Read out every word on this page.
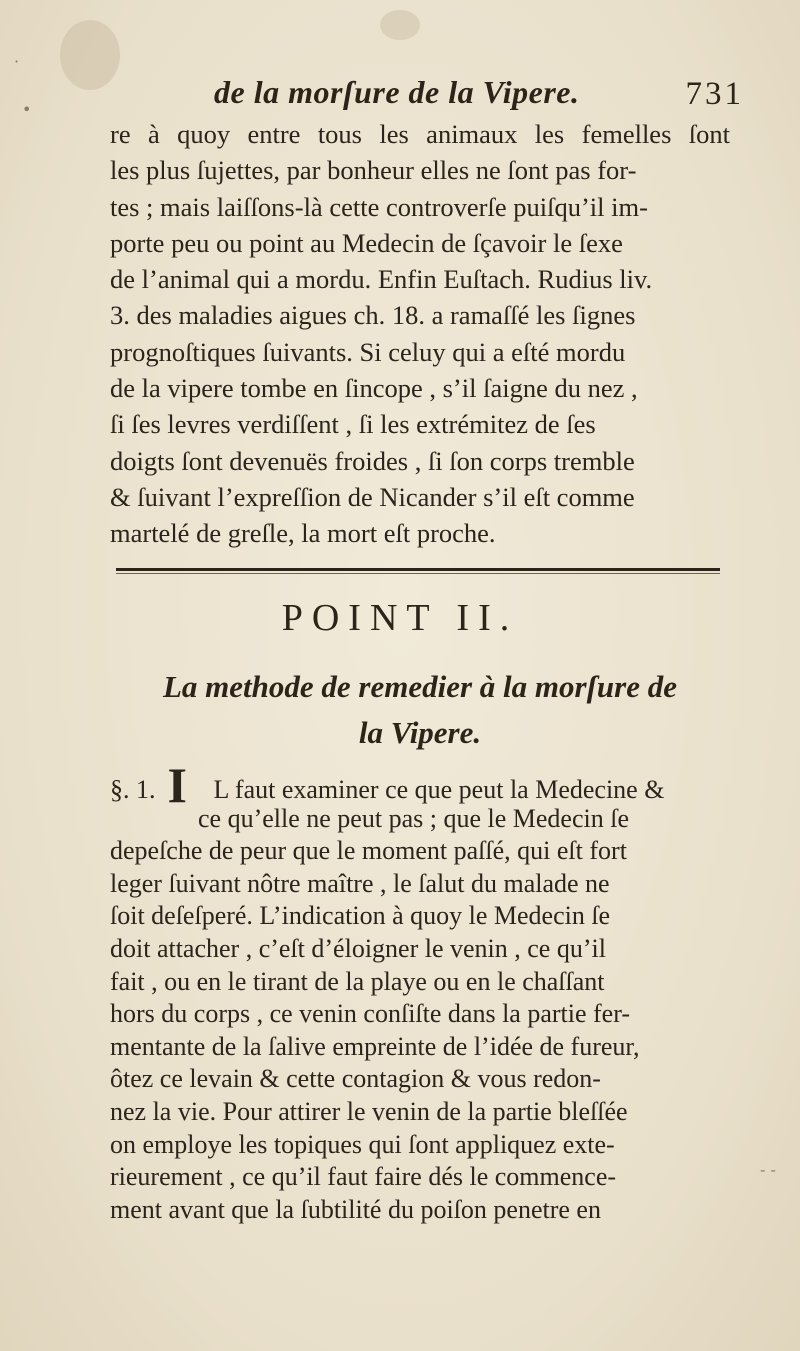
•
·
- -
de la morſure de la Vipere.	731
re à quoy entre tous les animaux les femelles ſont
les plus ſujettes, par bonheur elles ne ſont pas for-
tes ; mais laiſſons-là cette controverſe puiſqu’il im-
porte peu ou point au Medecin de ſçavoir le ſexe
de l’animal qui a mordu. Enfin Euſtach. Rudius liv.
3. des maladies aigues ch. 18. a ramaſſé les ſignes
prognoſtiques ſuivants. Si celuy qui a eſté mordu
de la vipere tombe en ſincope , s’il ſaigne du nez ,
ſi ſes levres verdiſſent , ſi les extrémitez de ſes
doigts ſont devenuës froides , ſi ſon corps tremble
& ſuivant l’expreſſion de Nicander s’il eſt comme
martelé de greſle, la mort eſt proche.
POINT II.
La methode de remedier à la morſure de
la Vipere.
§. 1. I L faut examiner ce que peut la Medecine &
ce qu’elle ne peut pas ; que le Medecin ſe
depeſche de peur que le moment paſſé, qui eſt fort
leger ſuivant nôtre maître , le ſalut du malade ne
ſoit deſeſperé. L’indication à quoy le Medecin ſe
doit attacher , c’eſt d’éloigner le venin , ce qu’il
fait , ou en le tirant de la playe ou en le chaſſant
hors du corps , ce venin conſiſte dans la partie fer-
mentante de la ſalive empreinte de l’idée de fureur,
ôtez ce levain & cette contagion & vous redon-
nez la vie. Pour attirer le venin de la partie bleſſée
on employe les topiques qui ſont appliquez exte-
rieurement , ce qu’il faut faire dés le commence-
ment avant que la ſubtilité du poiſon penetre en
